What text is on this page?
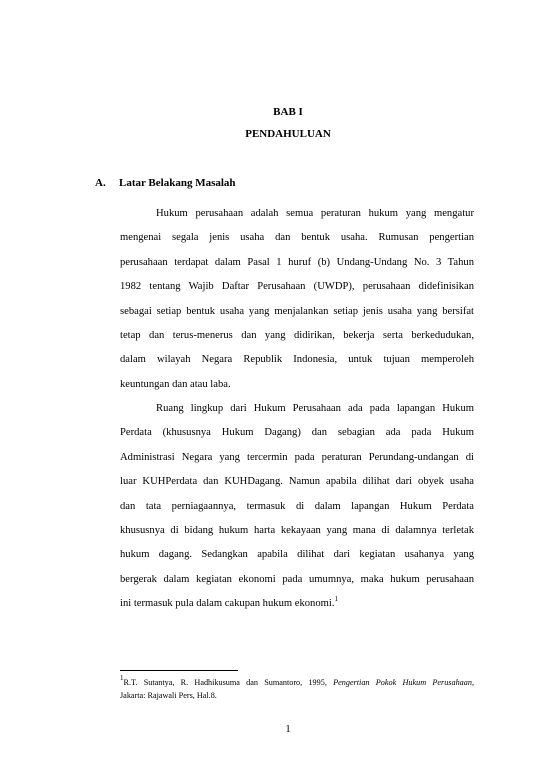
BAB I

PENDAHULUAN

A. Latar Belakang Masalah
Hukum perusahaan adalah semua peraturan hukum yang mengatur
mengenai segala jenis usaha dan bentuk usaha. Rumusan pengertian
perusahaan terdapat dalam Pasal 1 huruf (b) Undang-Undang No. 3 Tahun
1982 tentang Wajib Daftar Perusahaan (UWDP), perusahaan didefinisikan
sebagai setiap bentuk usaha yang menjalankan setiap jenis usaha yang bersifat
tetap dan terus-menerus dan yang didirikan, bekerja serta berkedudukan,
dalam wilayah Negara Republik Indonesia, untuk tujuan memperoleh
keuntungan dan atau laba.
Ruang lingkup dari Hukum Perusahaan ada pada lapangan Hukum
Perdata (khususnya Hukum Dagang) dan sebagian ada pada Hukum
Administrasi Negara yang tercermin pada peraturan Perundang-undangan di
luar KUHPerdata dan KUHDagang. Namun apabila dilihat dari obyek usaha
dan tata perniagaannya, termasuk di dalam lapangan Hukum Perdata
khususnya di bidang hukum harta kekayaan yang mana di dalamnya terletak
hukum dagang. Sedangkan apabila dilihat dari kegiatan usahanya yang
bergerak dalam kegiatan ekonomi pada umumnya, maka hukum perusahaan
ini termasuk pula dalam cakupan hukum ekonomi.$^1$
$^1$R.T. Sutantya, R. Hadhikusuma dan Sumantoro, 1995, Pengertian Pokok Hukum Perusahaan,
Jakarta: Rajawali Pers, Hal.8.
1
